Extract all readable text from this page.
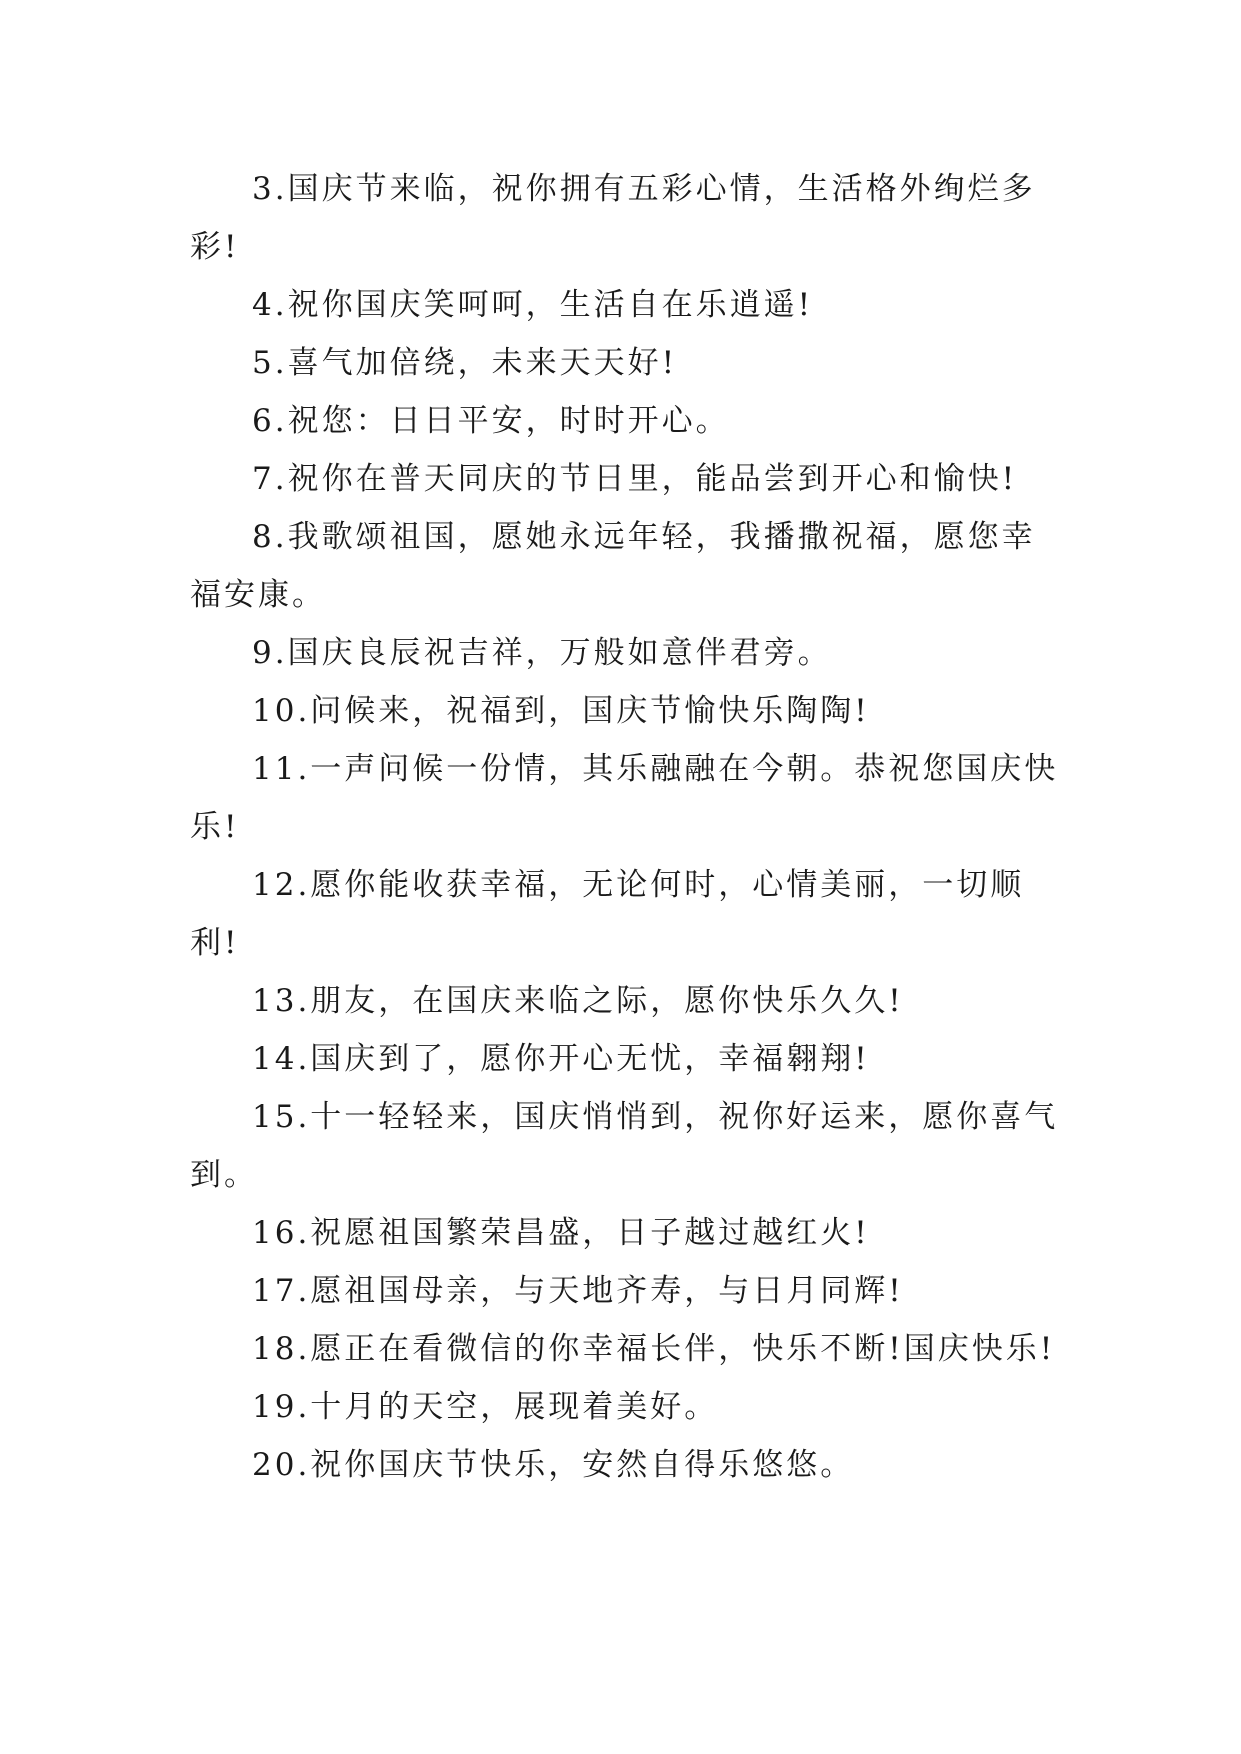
3.国庆节来临，祝你拥有五彩心情，生活格外绚烂多彩!

4.祝你国庆笑呵呵，生活自在乐逍遥!

5.喜气加倍绕，未来天天好!

6.祝您：日日平安，时时开心。

7.祝你在普天同庆的节日里，能品尝到开心和愉快!

8.我歌颂祖国，愿她永远年轻，我播撒祝福，愿您幸福安康。

9.国庆良辰祝吉祥，万般如意伴君旁。

10.问候来，祝福到，国庆节愉快乐陶陶!

11.一声问候一份情，其乐融融在今朝。恭祝您国庆快乐!

12.愿你能收获幸福，无论何时，心情美丽，一切顺利!

13.朋友，在国庆来临之际，愿你快乐久久!

14.国庆到了，愿你开心无忧，幸福翱翔!

15.十一轻轻来，国庆悄悄到，祝你好运来，愿你喜气到。

16.祝愿祖国繁荣昌盛，日子越过越红火!

17.愿祖国母亲，与天地齐寿，与日月同辉!

18.愿正在看微信的你幸福长伴，快乐不断!国庆快乐!

19.十月的天空，展现着美好。

20.祝你国庆节快乐，安然自得乐悠悠。
